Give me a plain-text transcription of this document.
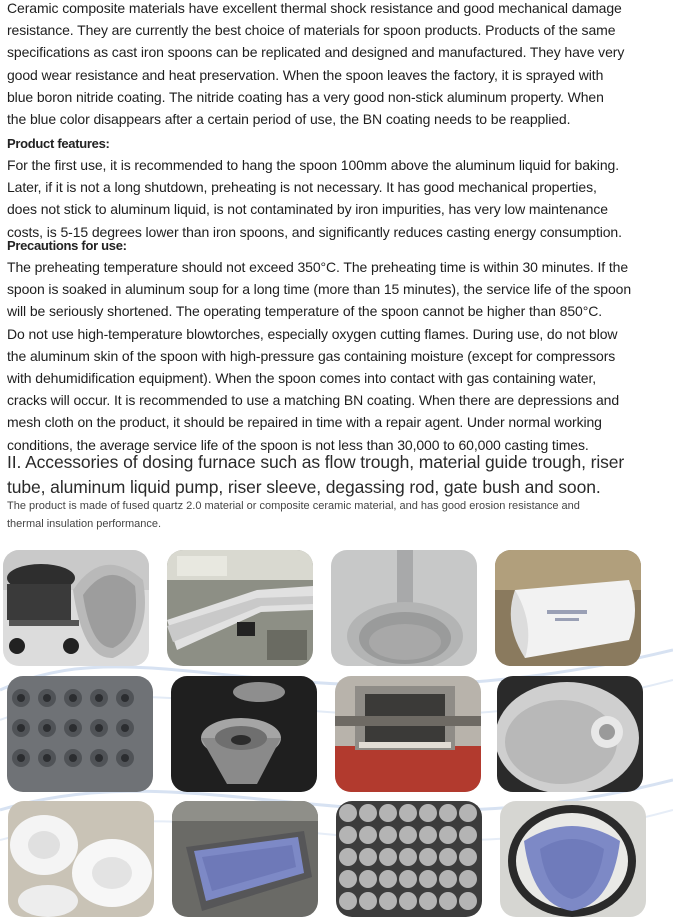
Ceramic composite materials have excellent thermal shock resistance and good mechanical damage

resistance. They are currently the best choice of materials for spoon products. Products of the same

specifications as cast iron spoons can be replicated and designed and manufactured. They have very

good wear resistance and heat preservation. When the spoon leaves the factory, it is sprayed with

blue boron nitride coating. The nitride coating has a very good non-stick aluminum property. When

the blue color disappears after a certain period of use, the BN coating needs to be reapplied.

Product features:

For the first use, it is recommended to hang the spoon 100mm above the aluminum liquid for baking.

Later, if it is not a long shutdown, preheating is not necessary. It has good mechanical properties,

does not stick to aluminum liquid, is not contaminated by iron impurities, has very low maintenance

costs, is 5-15 degrees lower than iron spoons, and significantly reduces casting energy consumption.

Precautions for use:

The preheating temperature should not exceed 350°C. The preheating time is within 30 minutes. If the

spoon is soaked in aluminum soup for a long time (more than 15 minutes), the service life of the spoon

will be seriously shortened. The operating temperature of the spoon cannot be higher than 850°C.

Do not use high-temperature blowtorches, especially oxygen cutting flames. During use, do not blow

the aluminum skin of the spoon with high-pressure gas containing moisture (except for compressors

with dehumidification equipment). When the spoon comes into contact with gas containing water,

cracks will occur. It is recommended to use a matching BN coating. When there are depressions and

mesh cloth on the product, it should be repaired in time with a repair agent. Under normal working

conditions, the average service life of the spoon is not less than 30,000 to 60,000 casting times.

II. Accessories of dosing furnace such as flow trough, material guide trough, riser

tube, aluminum liquid pump, riser sleeve, degassing rod, gate bush and soon.

The product is made of fused quartz 2.0 material or composite ceramic material, and has good erosion resistance and

thermal insulation performance.
